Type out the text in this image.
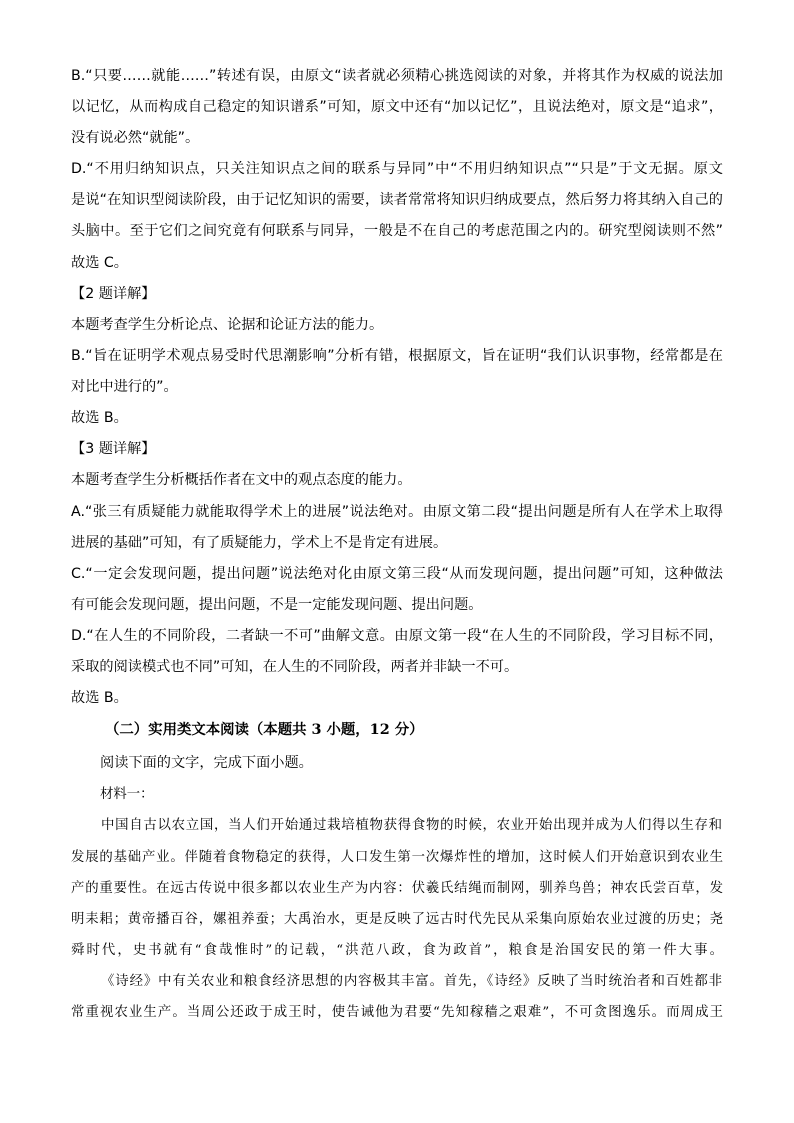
B.“只要……就能……”转述有误，由原文“读者就必须精心挑选阅读的对象，并将其作为权威的说法加
以记忆，从而构成自己稳定的知识谱系”可知，原文中还有“加以记忆”，且说法绝对，原文是“追求”，
没有说必然“就能”。
D.“不用归纳知识点，只关注知识点之间的联系与异同”中“不用归纳知识点”“只是”于文无据。原文
是说“在知识型阅读阶段，由于记忆知识的需要，读者常常将知识归纳成要点，然后努力将其纳入自己的
头脑中。至于它们之间究竟有何联系与同异，一般是不在自己的考虑范围之内的。研究型阅读则不然”
故选 C。
【2 题详解】
本题考查学生分析论点、论据和论证方法的能力。
B.“旨在证明学术观点易受时代思潮影响”分析有错，根据原文，旨在证明“我们认识事物，经常都是在
对比中进行的”。
故选 B。
【3 题详解】
本题考查学生分析概括作者在文中的观点态度的能力。
A.“张三有质疑能力就能取得学术上的进展”说法绝对。由原文第二段“提出问题是所有人在学术上取得
进展的基础”可知，有了质疑能力，学术上不是肯定有进展。
C.“一定会发现问题，提出问题”说法绝对化由原文第三段“从而发现问题，提出问题”可知，这种做法
有可能会发现问题，提出问题，不是一定能发现问题、提出问题。
D.“在人生的不同阶段，二者缺一不可”曲解文意。由原文第一段“在人生的不同阶段，学习目标不同，
采取的阅读模式也不同”可知，在人生的不同阶段，两者并非缺一不可。
故选 B。
（二）实用类文本阅读（本题共 3 小题，12 分）
阅读下面的文字，完成下面小题。
材料一：
中国自古以农立国，当人们开始通过栽培植物获得食物的时候，农业开始出现并成为人们得以生存和
发展的基础产业。伴随着食物稳定的获得，人口发生第一次爆炸性的增加，这时候人们开始意识到农业生
产的重要性。在远古传说中很多都以农业生产为内容：伏羲氏结绳而制网，驯养鸟兽；神农氏尝百草，发
明耒耜；黄帝播百谷，嫘祖养蚕；大禹治水，更是反映了远古时代先民从采集向原始农业过渡的历史；尧
舜时代，史书就有“食哉惟时”的记载，“洪范八政，食为政首”，粮食是治国安民的第一件大事。
《诗经》中有关农业和粮食经济思想的内容极其丰富。首先，《诗经》反映了当时统治者和百姓都非
常重视农业生产。当周公还政于成王时，使告诫他为君要“先知稼穑之艰难”，不可贪图逸乐。而周成王
